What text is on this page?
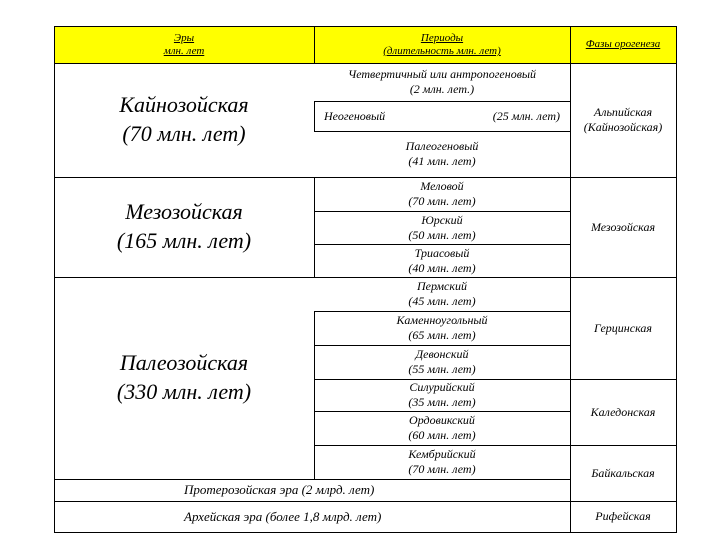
Эры
млн. лет
Периоды
(длительность млн. лет)
Фазы орогенеза
Кайнозойская
(70 млн. лет)
Мезозойская
(165 млн. лет)
Палеозойская
(330 млн. лет)
Четвертичный или антропогеновый
(2 млн. лет.)
Неогеновый	(25 млн. лет)
Палеогеновый
(41 млн. лет)
Меловой
(70 млн. лет)
Юрский
(50 млн. лет)
Триасовый
(40 млн. лет)
Пермский
(45 млн. лет)
Каменноугольный
(65 млн. лет)
Девонский
(55 млн. лет)
Силурийский
(35 млн. лет)
Ордовикский
(60 млн. лет)
Кембрийский
(70 млн. лет)
Альпийская
(Кайнозойская)
Мезозойская
Герцинская
Каледонская
Байкальская
Рифейская
Протерозойская эра (2 млрд. лет)
Архейская эра (более 1,8 млрд. лет)
